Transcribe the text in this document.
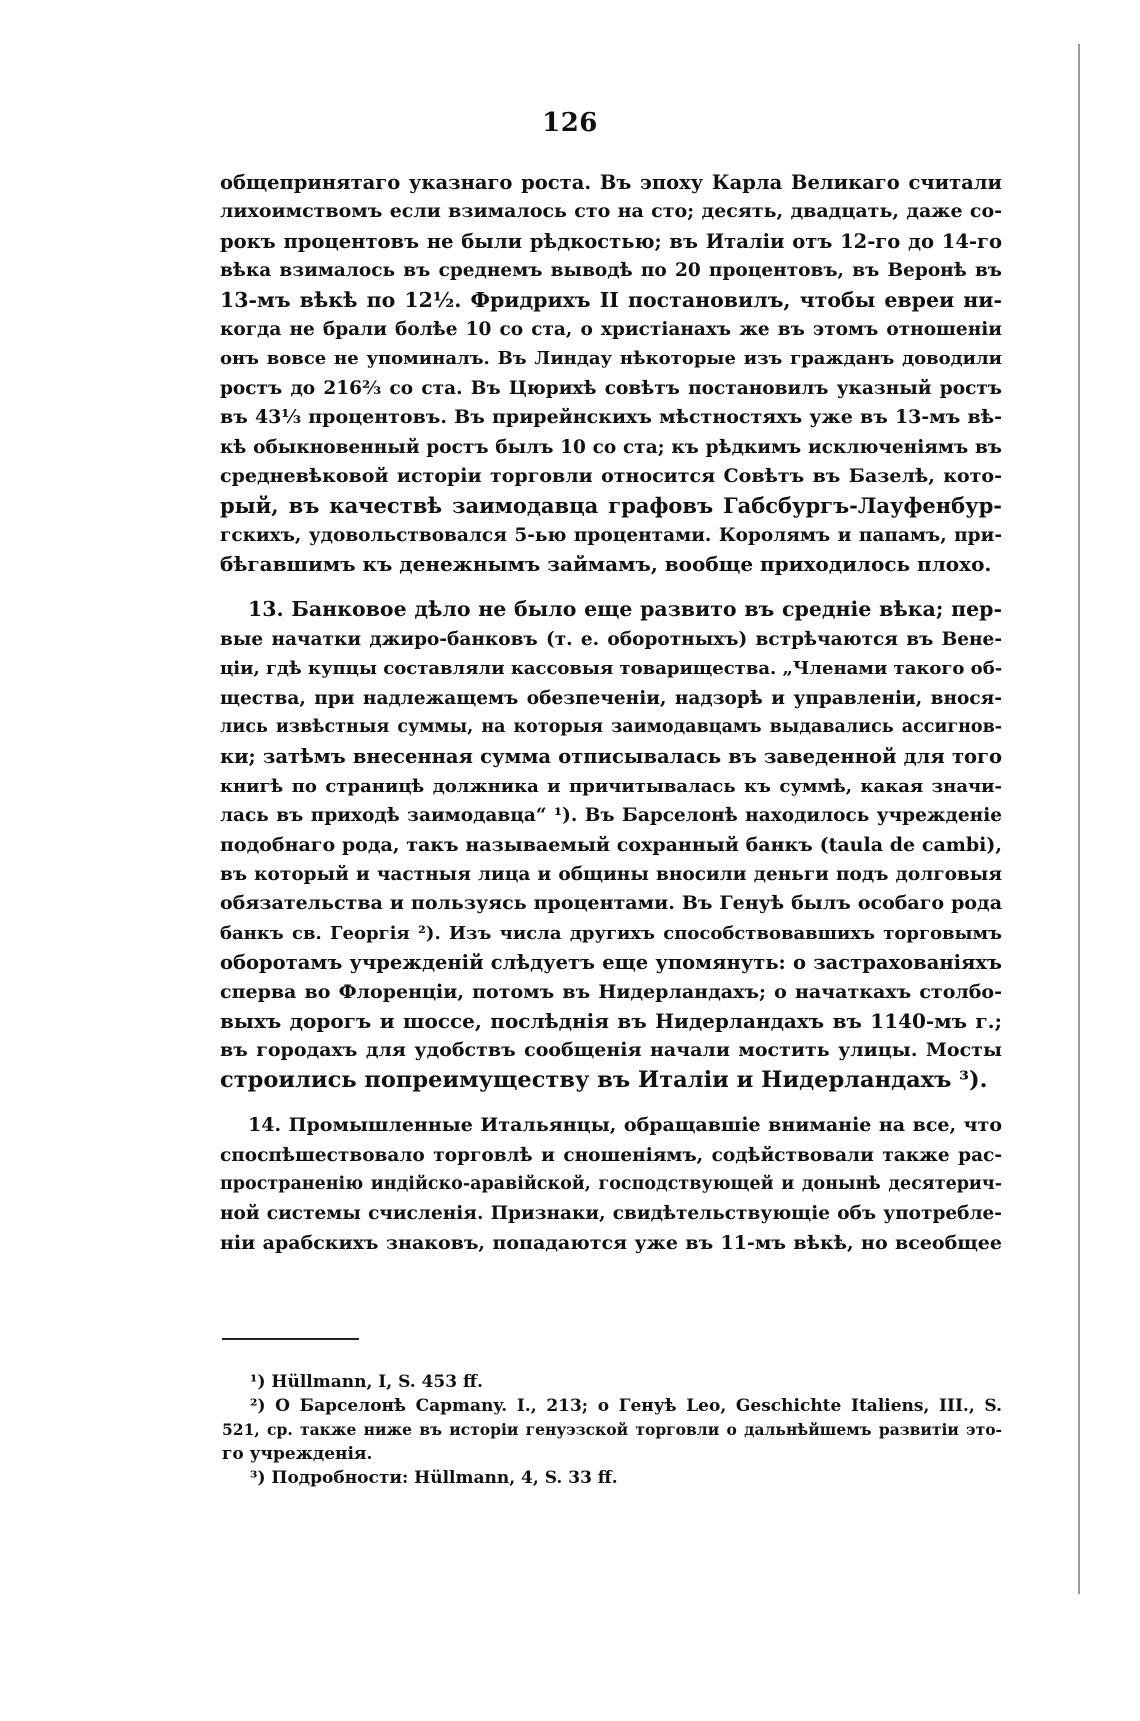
126
общепринятаго указнаго роста. Въ эпоху Карла Великаго считали
лихоимствомъ если взималось сто на сто; десять, двадцать, даже со-
рокъ процентовъ не были рѣдкостью; въ Италіи отъ 12-го до 14-го
вѣка взималось въ среднемъ выводѣ по 20 процентовъ, въ Веронѣ въ
13-мъ вѣкѣ по 12½. Фридрихъ II постановилъ, чтобы евреи ни-
когда не брали болѣе 10 со ста, о христіанахъ же въ этомъ отношеніи
онъ вовсе не упоминалъ. Въ Линдау нѣкоторые изъ гражданъ доводили
ростъ до 216⅔ со ста. Въ Цюрихѣ совѣтъ постановилъ указный ростъ
въ 43⅓ процентовъ. Въ прирейнскихъ мѣстностяхъ уже въ 13-мъ вѣ-
кѣ обыкновенный ростъ былъ 10 со ста; къ рѣдкимъ исключеніямъ въ
средневѣковой исторіи торговли относится Совѣтъ въ Базелѣ, кото-
рый, въ качествѣ заимодавца графовъ Габсбургъ-Лауфенбур-
гскихъ, удовольствовался 5-ью процентами. Королямъ и папамъ, при-
бѣгавшимъ къ денежнымъ займамъ, вообще приходилось плохо.
13. Банковое дѣло не было еще развито въ средніе вѣка; пер-
вые начатки джиро-банковъ (т. е. оборотныхъ) встрѣчаются въ Вене-
ціи, гдѣ купцы составляли кассовыя товарищества. „Членами такого об-
щества, при надлежащемъ обезпеченіи, надзорѣ и управленіи, внося-
лись извѣстныя суммы, на которыя заимодавцамъ выдавались ассигнов-
ки; затѣмъ внесенная сумма отписывалась въ заведенной для того
книгѣ по страницѣ должника и причитывалась къ суммѣ, какая значи-
лась въ приходѣ заимодавца“ ¹). Въ Барселонѣ находилось учрежденіе
подобнаго рода, такъ называемый сохранный банкъ (taula de cambi),
въ который и частныя лица и общины вносили деньги подъ долговыя
обязательства и пользуясь процентами. Въ Генуѣ былъ особаго рода
банкъ св. Георгія ²). Изъ числа другихъ способствовавшихъ торговымъ
оборотамъ учрежденій слѣдуетъ еще упомянуть: о застрахованіяхъ
сперва во Флоренціи, потомъ въ Нидерландахъ; о начаткахъ столбо-
выхъ дорогъ и шоссе, послѣднія въ Нидерландахъ въ 1140-мъ г.;
въ городахъ для удобствъ сообщенія начали мостить улицы. Мосты
строились попреимуществу въ Италіи и Нидерландахъ ³).
14. Промышленные Итальянцы, обращавшіе вниманіе на все, что
споспѣшествовало торговлѣ и сношеніямъ, содѣйствовали также рас-
пространенію индійско-аравійской, господствующей и донынѣ десятерич-
ной системы счисленія. Признаки, свидѣтельствующіе объ употребле-
ніи арабскихъ знаковъ, попадаются уже въ 11-мъ вѣкѣ, но всеобщее
¹) Hüllmann, I, S. 453 ff.
²) О Барселонѣ Capmany. I., 213; о Генуѣ Leo, Geschichte Italiens, III., S.
521, ср. также ниже въ исторіи генуэзской торговли о дальнѣйшемъ развитіи это-
го учрежденія.
³) Подробности: Hüllmann, 4, S. 33 ff.
